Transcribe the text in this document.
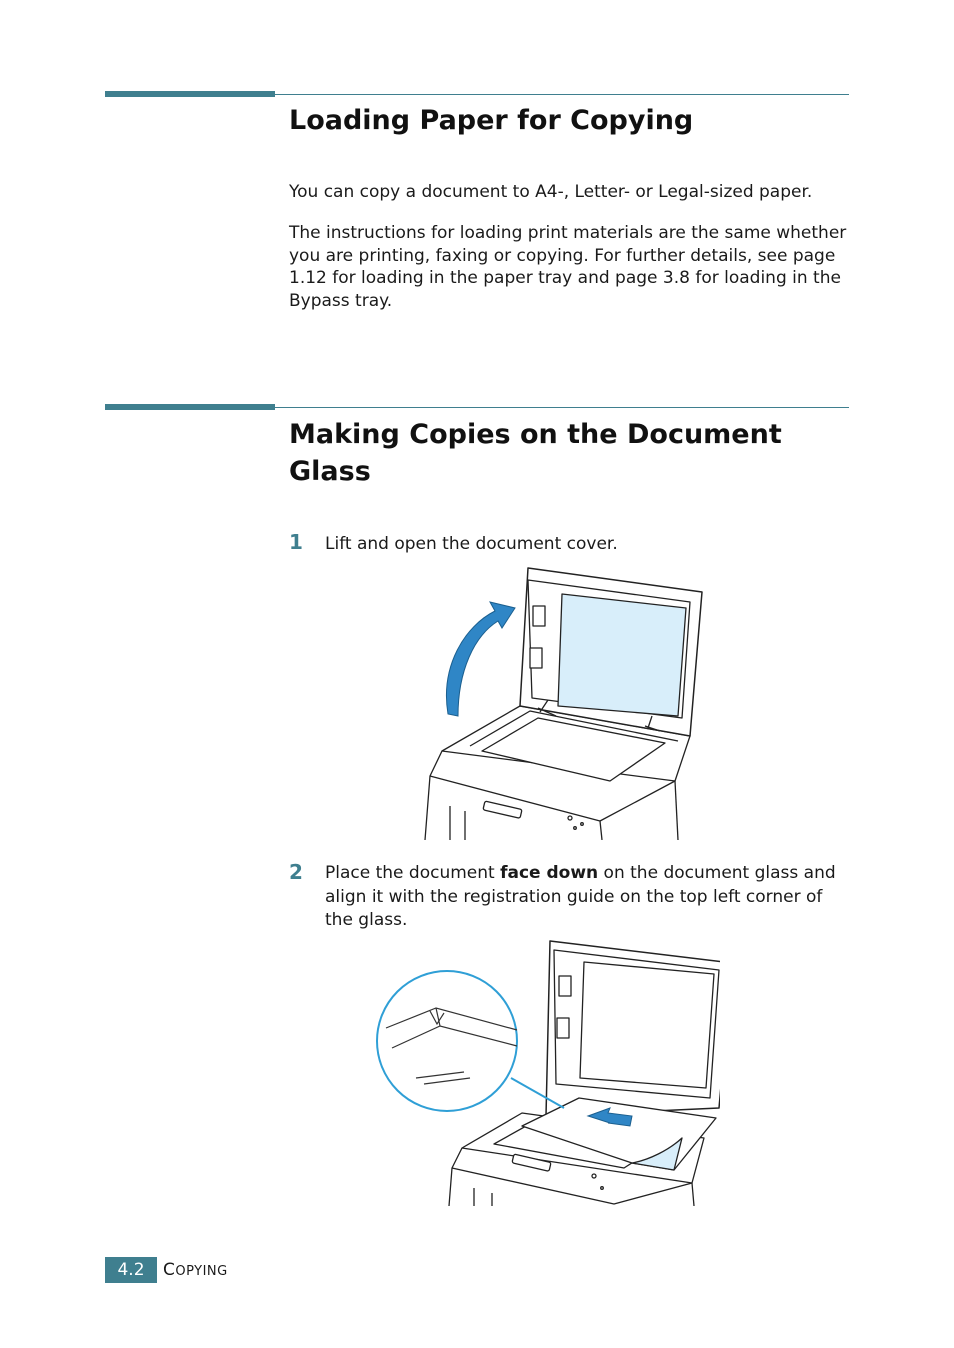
Loading Paper for Copying

You can copy a document to A4-, Letter- or Legal-sized paper.

The instructions for loading print materials are the same whether you are printing, faxing or copying. For further details, see page 1.12 for loading in the paper tray and page 3.8 for loading in the Bypass tray.

Making Copies on the Document Glass
1 Lift and open the document cover.

2 Place the document face down on the document glass and align it with the registration guide on the top left corner of the glass.

4.2	COPYING
